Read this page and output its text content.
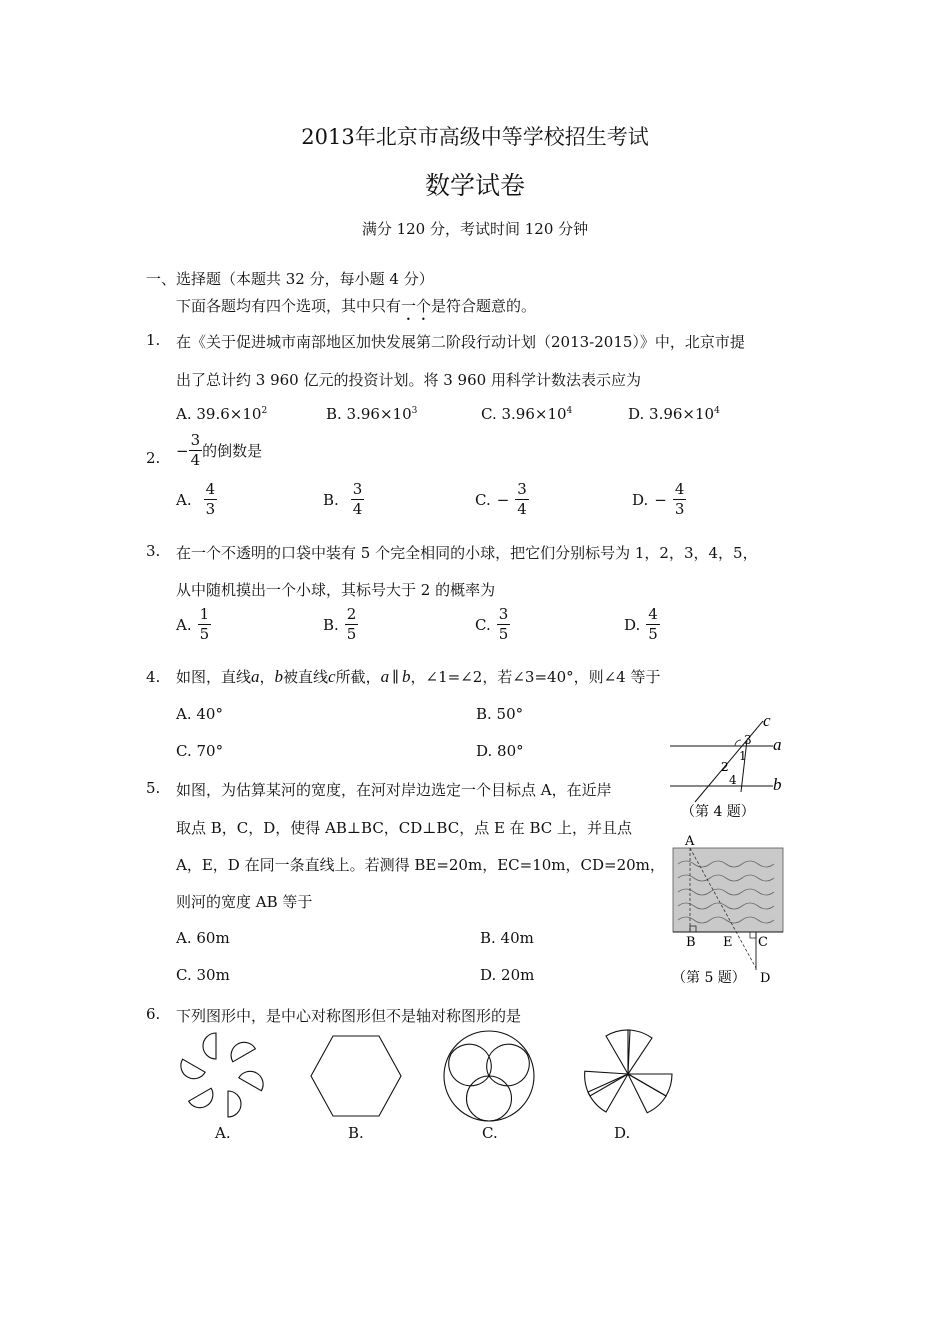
2013年北京市高级中等学校招生考试
数学试卷
满分 120 分，考试时间 120 分钟
一、选择题（本题共 32 分，每小题 4 分）
下面各题均有四个选项，其中只有一个是符合题意的。
1. 在《关于促进城市南部地区加快发展第二阶段行动计划（2013-2015）》中，北京市提
出了总计约 3 960 亿元的投资计划。将 3 960 用科学计数法表示应为
A. $39.6\times 10^2$	B. $3.96\times 10^3$	C. $3.96\times 10^4$	D. $3.96\times 10^4$
2. − $\frac{3}{4}$ 的倒数是
A. $\frac{4}{3}$	B. $\frac{3}{4}$	C. − $\frac{3}{4}$	D. − $\frac{4}{3}$
3. 在一个不透明的口袋中装有 5 个完全相同的小球，把它们分别标号为 1，2，3，4，5，
从中随机摸出一个小球，其标号大于 2 的概率为
A. $\frac{1}{5}$	B. $\frac{2}{5}$	C. $\frac{3}{5}$	D. $\frac{4}{5}$
4. 如图，直线a，b被直线c所截，a ∥ b，∠1=∠2，若∠3=40°，则∠4 等于
A. 40°	B. 50°
C. 70°	D. 80°
c
a
b
3
1
2
4
（第 4 题）
5. 如图，为估算某河的宽度，在河对岸边选定一个目标点 A，在近岸
取点 B，C，D，使得 AB⊥BC，CD⊥BC，点 E 在 BC 上，并且点
A，E，D 在同一条直线上。若测得 BE=20m，EC=10m，CD=20m，
则河的宽度 AB 等于
A. 60m	B. 40m
C. 30m	D. 20m
A
B E C
D
（第 5 题）
6. 下列图形中，是中心对称图形但不是轴对称图形的是
A.	B.	C.	D.
